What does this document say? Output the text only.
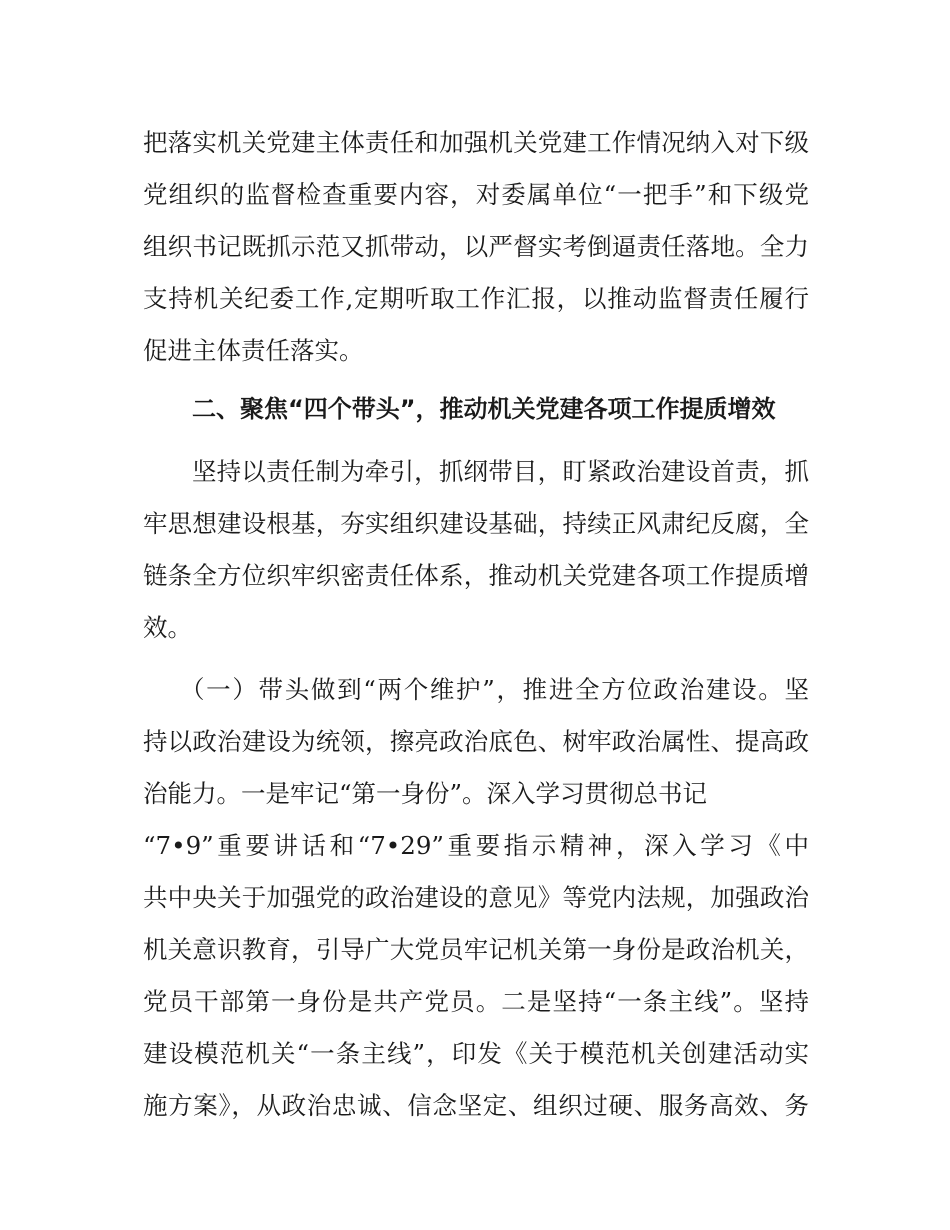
把落实机关党建主体责任和加强机关党建工作情况纳入对下级
党组织的监督检查重要内容，对委属单位“一把手”和下级党
组织书记既抓示范又抓带动，以严督实考倒逼责任落地。全力
支持机关纪委工作,定期听取工作汇报，以推动监督责任履行
促进主体责任落实。
二、聚焦“四个带头”，推动机关党建各项工作提质增效
坚持以责任制为牵引，抓纲带目，盯紧政治建设首责，抓
牢思想建设根基，夯实组织建设基础，持续正风肃纪反腐，全
链条全方位织牢织密责任体系，推动机关党建各项工作提质增
效。
（一）带头做到“两个维护”，推进全方位政治建设。坚
持以政治建设为统领，擦亮政治底色、树牢政治属性、提高政
治能力。一是牢记“第一身份”。深入学习贯彻总书记
“7•9”重要讲话和“7•29”重要指示精神，深入学习《中
共中央关于加强党的政治建设的意见》等党内法规，加强政治
机关意识教育，引导广大党员牢记机关第一身份是政治机关，
党员干部第一身份是共产党员。二是坚持“一条主线”。坚持
建设模范机关“一条主线”，印发《关于模范机关创建活动实
施方案》，从政治忠诚、信念坚定、组织过硬、服务高效、务
